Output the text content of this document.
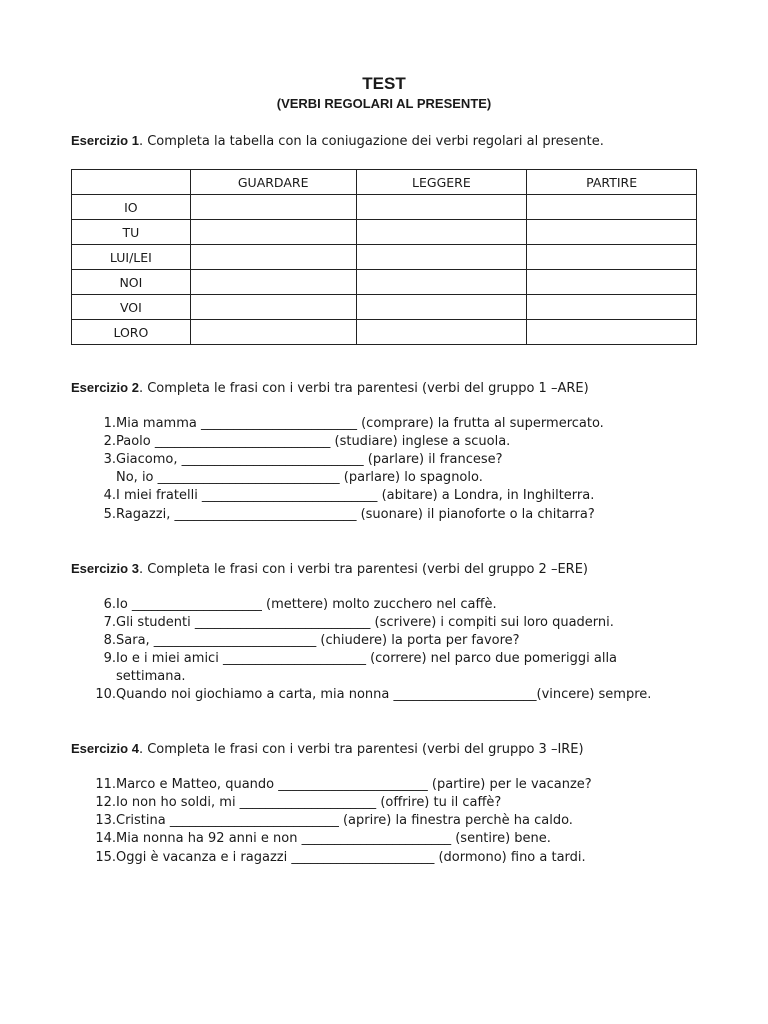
TEST
(VERBI REGOLARI AL PRESENTE)
Esercizio 1. Completa la tabella con la coniugazione dei verbi regolari al presente.
	GUARDARE	LEGGERE	PARTIRE
IO			
TU			
LUI/LEI			
NOI			
VOI			
LORO			
Esercizio 2. Completa le frasi con i verbi tra parentesi (verbi del gruppo 1 –ARE)
1. Mia mamma ________________________ (comprare) la frutta al supermercato.
2. Paolo ___________________________ (studiare) inglese a scuola.
3. Giacomo, ____________________________ (parlare) il francese?
No, io ____________________________ (parlare) lo spagnolo.
4. I miei fratelli ___________________________ (abitare) a Londra, in Inghilterra.
5. Ragazzi, ____________________________ (suonare) il pianoforte o la chitarra?
Esercizio 3. Completa le frasi con i verbi tra parentesi (verbi del gruppo 2 –ERE)
6. Io ____________________ (mettere) molto zucchero nel caffè.
7. Gli studenti ___________________________ (scrivere) i compiti sui loro quaderni.
8. Sara, _________________________ (chiudere) la porta per favore?
9. Io e i miei amici ______________________ (correre) nel parco due pomeriggi alla
settimana.
10. Quando noi giochiamo a carta, mia nonna ______________________(vincere) sempre.
Esercizio 4. Completa le frasi con i verbi tra parentesi (verbi del gruppo 3 –IRE)
11. Marco e Matteo, quando _______________________ (partire) per le vacanze?
12. Io non ho soldi, mi _____________________ (offrire) tu il caffè?
13. Cristina __________________________ (aprire) la finestra perchè ha caldo.
14. Mia nonna ha 92 anni e non _______________________ (sentire) bene.
15. Oggi è vacanza e i ragazzi ______________________ (dormono) fino a tardi.
